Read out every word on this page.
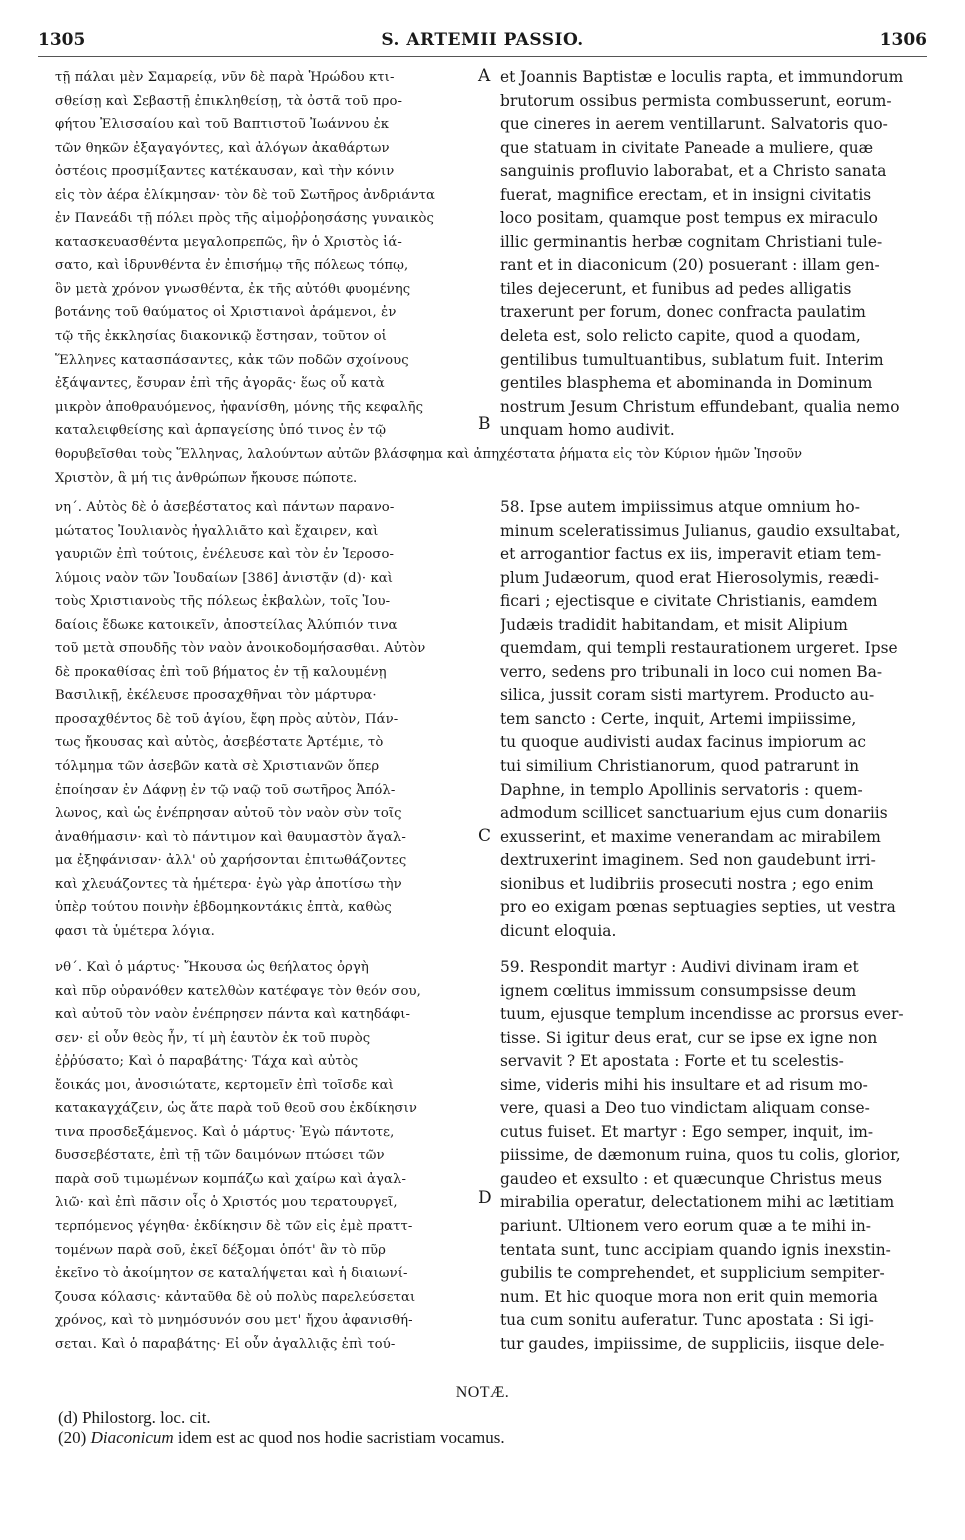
1305	S. ARTEMII PASSIO.	1306
τῇ πάλαι μὲν Σαμαρείᾳ, νῦν δὲ παρὰ Ἡρώδου κτι-
σθείσῃ καὶ Σεβαστῇ ἐπικληθείσῃ, τὰ ὀστᾶ τοῦ προ-
φήτου Ἐλισσαίου καὶ τοῦ Βαπτιστοῦ Ἰωάννου ἐκ
τῶν θηκῶν ἐξαγαγόντες, καὶ ἀλόγων ἀκαθάρτων
ὀστέοις προσμίξαντες κατέκαυσαν, καὶ τὴν κόνιν
εἰς τὸν ἀέρα ἐλίκμησαν· τὸν δὲ τοῦ Σωτῆρος ἀνδριάντα
ἐν Πανεάδι τῇ πόλει πρὸς τῆς αἱμοῤῥοησάσης γυναικὸς
κατασκευασθέντα μεγαλοπρεπῶς, ἣν ὁ Χριστὸς ἰά-
σατο, καὶ ἱδρυνθέντα ἐν ἐπισήμῳ τῆς πόλεως τόπῳ,
ὃν μετὰ χρόνον γνωσθέντα, ἐκ τῆς αὐτόθι φυομένης
βοτάνης τοῦ θαύματος οἱ Χριστιανοὶ ἀράμενοι, ἐν
τῷ τῆς ἐκκλησίας διακονικῷ ἔστησαν, τοῦτον οἱ
Ἕλληνες κατασπάσαντες, κἀκ τῶν ποδῶν σχοίνους
ἐξάψαντες, ἔσυραν ἐπὶ τῆς ἀγορᾶς· ἕως οὗ κατὰ
μικρὸν ἀποθραυόμενος, ἠφανίσθη, μόνης τῆς κεφαλῆς
καταλειφθείσης καὶ ἁρπαγείσης ὑπό τινος ἐν τῷ
et Joannis Baptistæ e loculis rapta, et immundorum
brutorum ossibus permista combusserunt, eorum-
que cineres in aerem ventillarunt. Salvatoris quo-
que statuam in civitate Paneade a muliere, quæ
sanguinis profluvio laborabat, et a Christo sanata
fuerat, magnifice erectam, et in insigni civitatis
loco positam, quamque post tempus ex miraculo
illic germinantis herbæ cognitam Christiani tule-
rant et in diaconicum (20) posuerant : illam gen-
tiles dejecerunt, et funibus ad pedes alligatis
traxerunt per forum, donec confracta paulatim
deleta est, solo relicto capite, quod a quodam,
gentilibus tumultuantibus, sublatum fuit. Interim
gentiles blasphema et abominanda in Dominum
nostrum Jesum Christum effundebant, qualia nemo
unquam homo audivit.
θορυβεῖσθαι τοὺς Ἕλληνας, λαλούντων αὐτῶν βλάσφημα καὶ ἀπηχέστατα ῥήματα εἰς τὸν Κύριον ἡμῶν Ἰησοῦν
Χριστὸν, ἃ μή τις ἀνθρώπων ἤκουσε πώποτε.
νη΄. Αὐτὸς δὲ ὁ ἀσεβέστατος καὶ πάντων παρανο-
μώτατος Ἰουλιανὸς ἠγαλλιᾶτο καὶ ἔχαιρεν, καὶ
γαυριῶν ἐπὶ τούτοις, ἐνέλευσε καὶ τὸν ἐν Ἱεροσο-
λύμοις ναὸν τῶν Ἰουδαίων [386] ἀνιστᾷν (d)· καὶ
τοὺς Χριστιανοὺς τῆς πόλεως ἐκβαλὼν, τοῖς Ἰου-
δαίοις ἔδωκε κατοικεῖν, ἀποστείλας Ἀλύπιόν τινα
τοῦ μετὰ σπουδῆς τὸν ναὸν ἀνοικοδομήσασθαι. Αὐτὸν
δὲ προκαθίσας ἐπὶ τοῦ βήματος ἐν τῇ καλουμένῃ
Βασιλικῇ, ἐκέλευσε προσαχθῆναι τὸν μάρτυρα·
προσαχθέντος δὲ τοῦ ἁγίου, ἔφη πρὸς αὐτὸν, Πάν-
τως ἤκουσας καὶ αὐτὸς, ἀσεβέστατε Ἀρτέμιε, τὸ
τόλμημα τῶν ἀσεβῶν κατὰ σὲ Χριστιανῶν ὅπερ
ἐποίησαν ἐν Δάφνῃ ἐν τῷ ναῷ τοῦ σωτῆρος Ἀπόλ-
λωνος, καὶ ὡς ἐνέπρησαν αὐτοῦ τὸν ναὸν σὺν τοῖς
ἀναθήμασιν· καὶ τὸ πάντιμον καὶ θαυμαστὸν ἄγαλ-
μα ἐξηφάνισαν· ἀλλ' οὐ χαρήσονται ἐπιτωθάζοντες
καὶ χλευάζοντες τὰ ἡμέτερα· ἐγὼ γὰρ ἀποτίσω τὴν
ὑπὲρ τούτου ποινὴν ἑβδομηκοντάκις ἑπτὰ, καθὼς
φασι τὰ ὑμέτερα λόγια.
58. Ipse autem impiissimus atque omnium ho-
minum sceleratissimus Julianus, gaudio exsultabat,
et arrogantior factus ex iis, imperavit etiam tem-
plum Judæorum, quod erat Hierosolymis, reædi-
ficari ; ejectisque e civitate Christianis, eamdem
Judæis tradidit habitandam, et misit Alipium
quemdam, qui templi restaurationem urgeret. Ipse
verro, sedens pro tribunali in loco cui nomen Ba-
silica, jussit coram sisti martyrem. Producto au-
tem sancto : Certe, inquit, Artemi impiissime,
tu quoque audivisti audax facinus impiorum ac
tui similium Christianorum, quod patrarunt in
Daphne, in templo Apollinis servatoris : quem-
admodum scillicet sanctuarium ejus cum donariis
exusserint, et maxime venerandam ac mirabilem
dextruxerint imaginem. Sed non gaudebunt irri-
sionibus et ludibriis prosecuti nostra ; ego enim
pro eo exigam pœnas septuagies septies, ut vestra
dicunt eloquia.
νθ΄. Καὶ ὁ μάρτυς· Ἤκουσα ὡς θεήλατος ὀργὴ
καὶ πῦρ οὐρανόθεν κατελθὼν κατέφαγε τὸν θεόν σου,
καὶ αὐτοῦ τὸν ναὸν ἐνέπρησεν πάντα καὶ κατηδάφι-
σεν· εἰ οὖν θεὸς ἦν, τί μὴ ἑαυτὸν ἐκ τοῦ πυρὸς
ἐῤῥύσατο; Καὶ ὁ παραβάτης· Τάχα καὶ αὐτὸς
ἔοικάς μοι, ἀνοσιώτατε, κερτομεῖν ἐπὶ τοῖσδε καὶ
κατακαγχάζειν, ὡς ἅτε παρὰ τοῦ θεοῦ σου ἐκδίκησιν
τινα προσδεξάμενος. Καὶ ὁ μάρτυς· Ἐγὼ πάντοτε,
δυσσεβέστατε, ἐπὶ τῇ τῶν δαιμόνων πτώσει τῶν
παρὰ σοῦ τιμωμένων κομπάζω καὶ χαίρω καὶ ἀγαλ-
λιῶ· καὶ ἐπὶ πᾶσιν οἷς ὁ Χριστός μου τερατουργεῖ,
τερπόμενος γέγηθα· ἐκδίκησιν δὲ τῶν εἰς ἐμὲ πραττ-
τομένων παρὰ σοῦ, ἐκεῖ δέξομαι ὁπότ' ἂν τὸ πῦρ
ἐκεῖνο τὸ ἀκοίμητον σε καταλήψεται καὶ ἡ διαιωνί-
ζουσα κόλασις· κἀνταῦθα δὲ οὐ πολὺς παρελεύσεται
χρόνος, καὶ τὸ μνημόσυνόν σου μετ' ἤχου ἀφανισθή-
σεται. Καὶ ὁ παραβάτης· Εἰ οὖν ἀγαλλιᾷς ἐπὶ τού-
59. Respondit martyr : Audivi divinam iram et
ignem cœlitus immissum consumpsisse deum
tuum, ejusque templum incendisse ac prorsus ever-
tisse. Si igitur deus erat, cur se ipse ex igne non
servavit ? Et apostata : Forte et tu scelestis-
sime, videris mihi his insultare et ad risum mo-
vere, quasi a Deo tuo vindictam aliquam conse-
cutus fuiset. Et martyr : Ego semper, inquit, im-
piissime, de dæmonum ruina, quos tu colis, glorior,
gaudeo et exsulto : et quæcunque Christus meus
mirabilia operatur, delectationem mihi ac lætitiam
pariunt. Ultionem vero eorum quæ a te mihi in-
tentata sunt, tunc accipiam quando ignis inexstin-
gubilis te comprehendet, et supplicium sempiter-
num. Et hic quoque mora non erit quin memoria
tua cum sonitu auferatur. Tunc apostata : Si igi-
tur gaudes, impiissime, de suppliciis, iisque dele-
A
B
C
D
NOTÆ.
(d) Philostorg. loc. cit.
(20) Diaconicum idem est ac quod nos hodie sacristiam vocamus.
